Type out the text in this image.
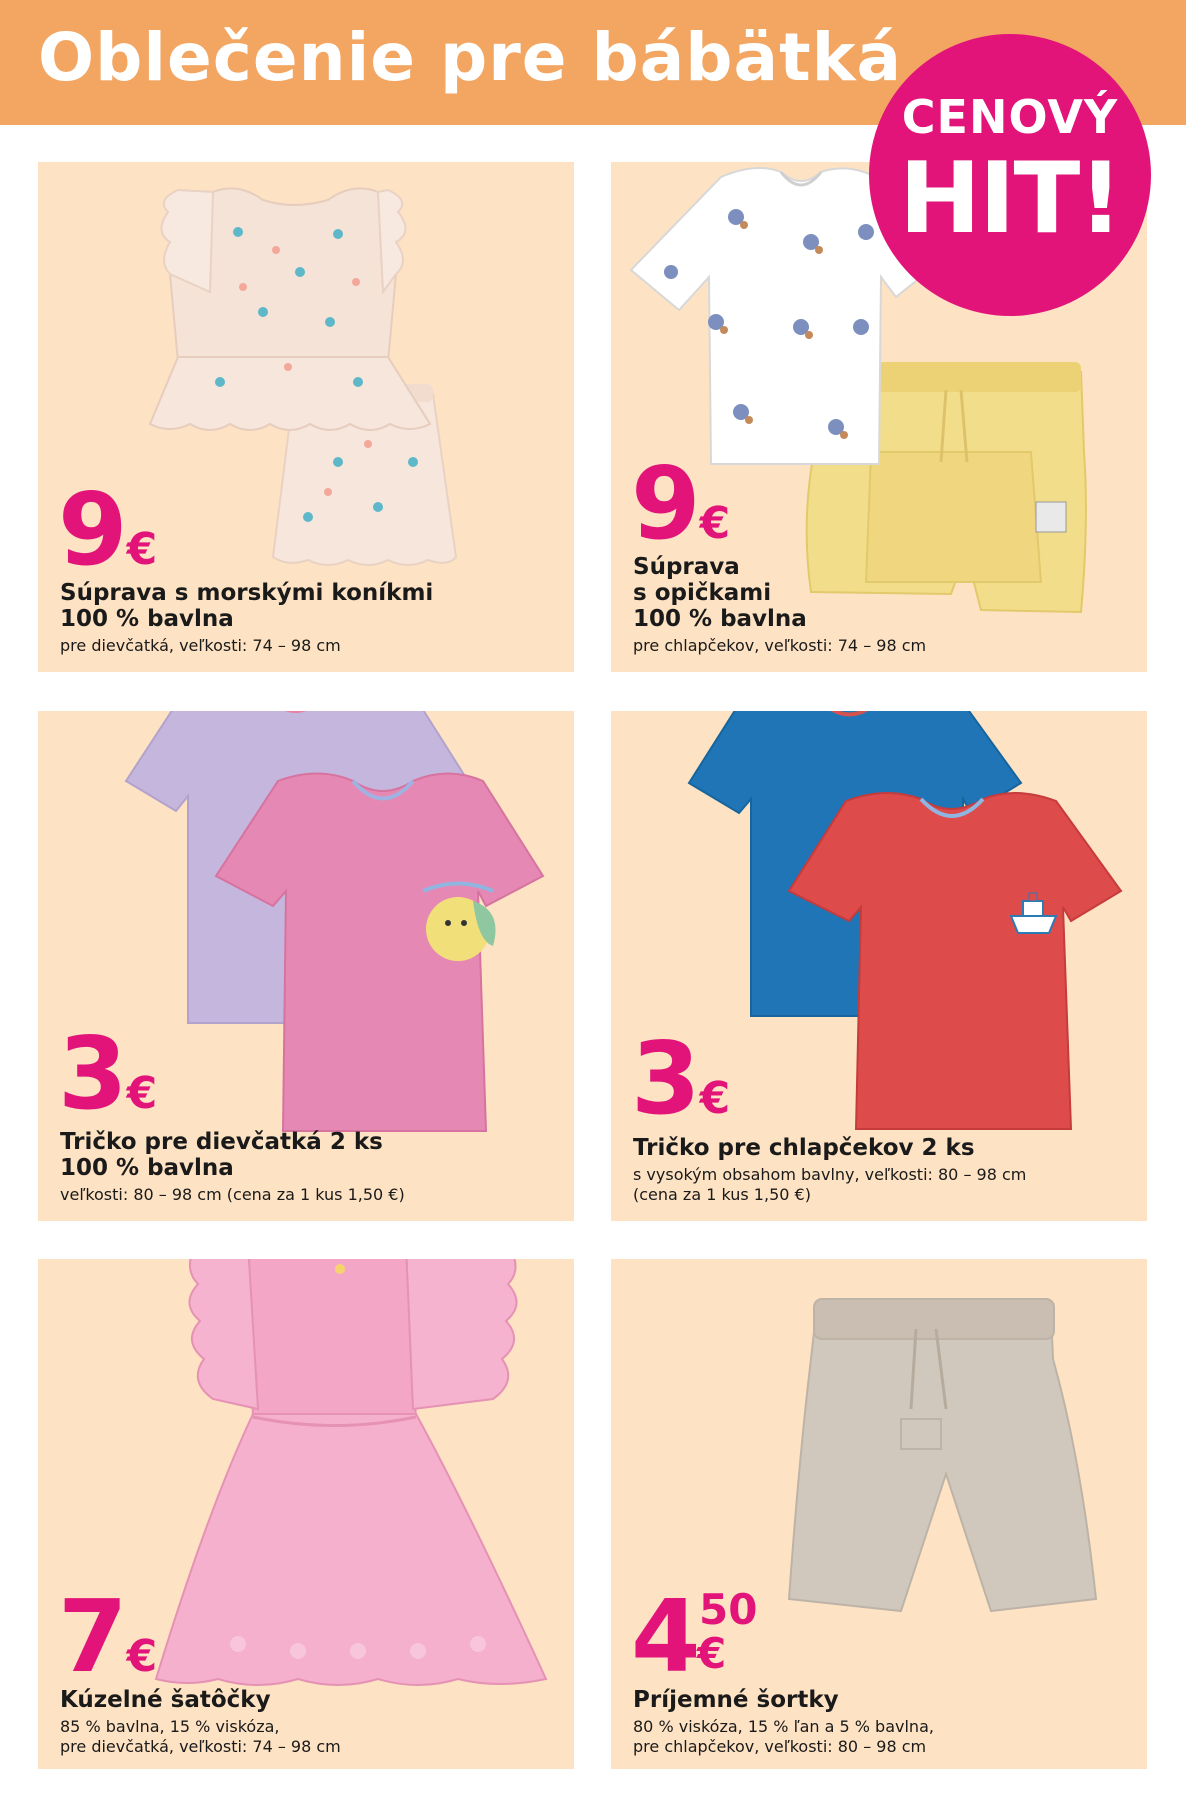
Oblečenie pre bábätká
CENOVÝ
HIT!
9€
Súprava s morskými koníkmi
100 % bavlna
pre dievčatká, veľkosti: 74 – 98 cm
9€
Súprava
s opičkami
100 % bavlna
pre chlapčekov, veľkosti: 74 – 98 cm
3€
Tričko pre dievčatká 2 ks
100 % bavlna
veľkosti: 80 – 98 cm (cena za 1 kus 1,50 €)
3€
Tričko pre chlapčekov 2 ks
s vysokým obsahom bavlny, veľkosti: 80 – 98 cm
(cena za 1 kus 1,50 €)
7€
Kúzelné šatôčky
85 % bavlna, 15 % viskóza,
pre dievčatká, veľkosti: 74 – 98 cm
4 50
€
Príjemné šortky
80 % viskóza, 15 % ľan a 5 % bavlna,
pre chlapčekov, veľkosti: 80 – 98 cm
